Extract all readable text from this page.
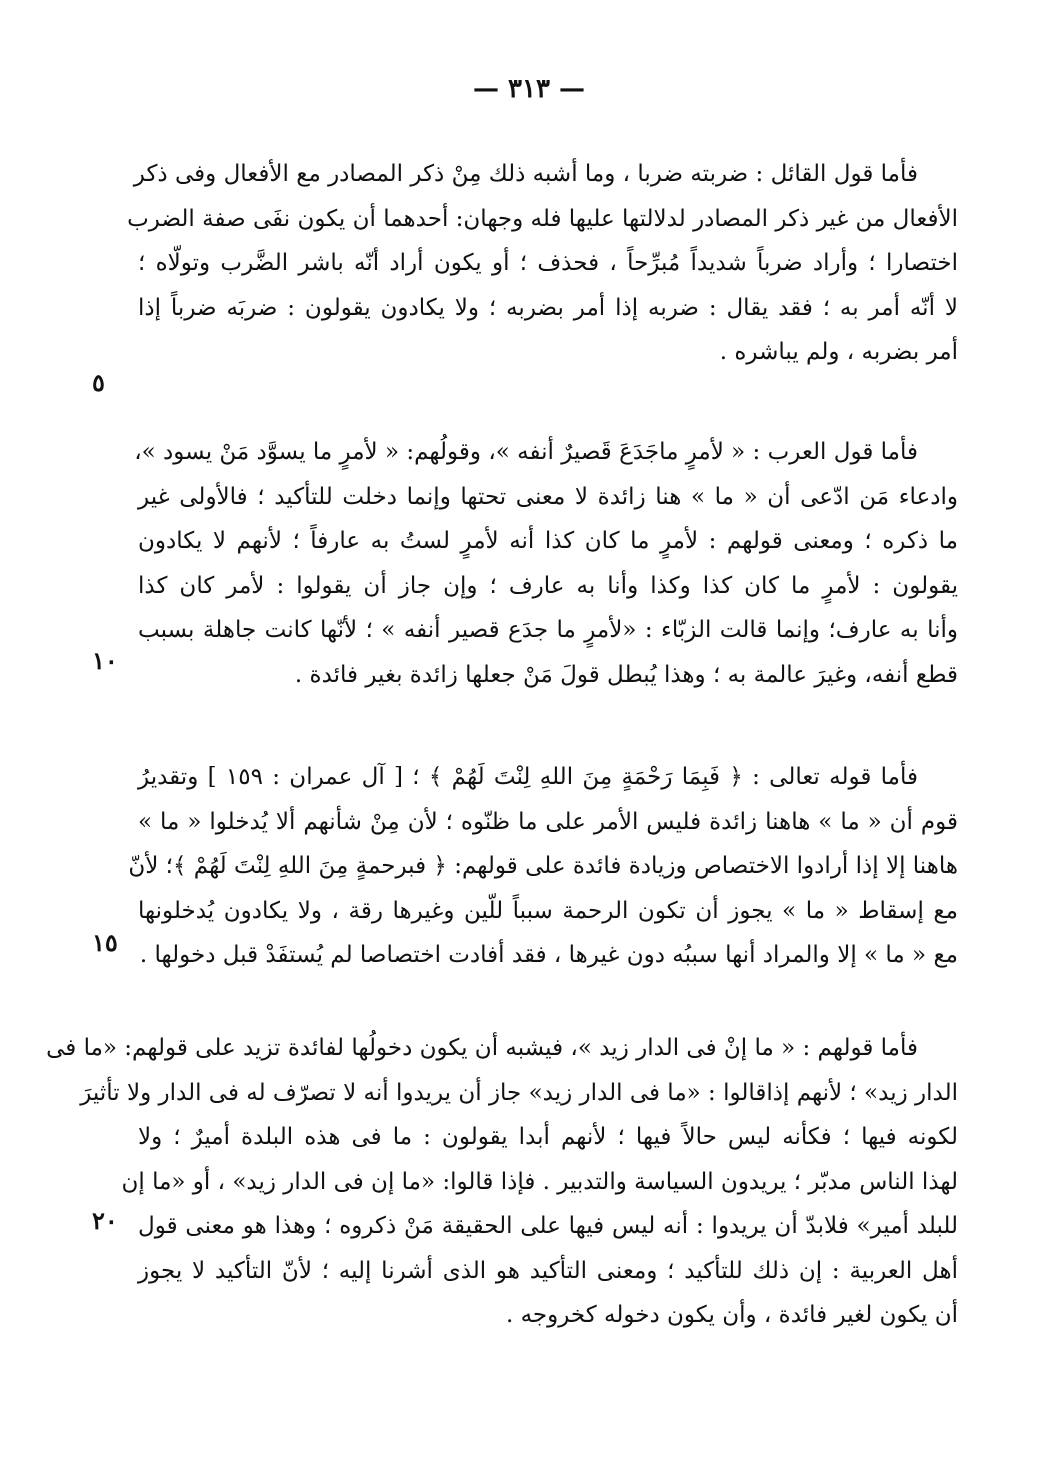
— ٣١٣ —
فأما قول القائل : ضربته ضربا ، وما أشبه ذلك مِنْ ذكر المصادر مع الأفعال وفى ذكر
الأفعال من غير ذكر المصادر لدلالتها عليها فله وجهان: أحدهما أن يكون نفَى صفة الضرب
اختصارا ؛ وأراد ضرباً شديداً مُبرِّحاً ، فحذف ؛ أو يكون أراد أنّه باشر الضَّرب وتولّاه ؛
لا أنّه أمر به ؛ فقد يقال : ضربه إذا أمر بضربه ؛ ولا يكادون يقولون : ضربَه ضرباً إذا
أمر بضربه ، ولم يباشره .
فأما قول العرب : « لأمرٍ ماجَدَعَ قَصيرٌ أنفه »، وقولُهم: « لأمرٍ ما يسوَّد مَنْ يسود »،
وادعاء مَن ادّعى أن « ما » هنا زائدة لا معنى تحتها وإنما دخلت للتأكيد ؛ فالأولى غير
ما ذكره ؛ ومعنى قولهم : لأمرٍ ما كان كذا أنه لأمرٍ لستُ به عارفاً ؛ لأنهم لا يكادون
يقولون : لأمرٍ ما كان كذا وكذا وأنا به عارف ؛ وإن جاز أن يقولوا : لأمر كان كذا
وأنا به عارف؛ وإنما قالت الزبّاء : «لأمرٍ ما جدَع قصير أنفه » ؛ لأنّها كانت جاهلة بسبب
قطع أنفه، وغيرَ عالمة به ؛ وهذا يُبطل قولَ مَنْ جعلها زائدة بغير فائدة .
فأما قوله تعالى : ﴿ فَبِمَا رَحْمَةٍ مِنَ اللهِ لِنْتَ لَهُمْ ﴾ ؛ [ آل عمران : ١٥٩ ] وتقديرُ
قوم أن « ما » هاهنا زائدة فليس الأمر على ما ظنّوه ؛ لأن مِنْ شأنهم ألا يُدخلوا « ما »
هاهنا إلا إذا أرادوا الاختصاص وزيادة فائدة على قولهم: ﴿ فبرحمةٍ مِنَ اللهِ لِنْتَ لَهُمْ ﴾؛ لأنّ
مع إسقاط « ما » يجوز أن تكون الرحمة سبباً للّين وغيرها رقة ، ولا يكادون يُدخلونها
مع « ما » إلا والمراد أنها سببُه دون غيرها ، فقد أفادت اختصاصا لم يُستفَدْ قبل دخولها .
فأما قولهم : « ما إنْ فى الدار زيد »، فيشبه أن يكون دخولُها لفائدة تزيد على قولهم: «ما فى
الدار زيد» ؛ لأنهم إذاقالوا : «ما فى الدار زيد» جاز أن يريدوا أنه لا تصرّف له فى الدار ولا تأثيرَ
لكونه فيها ؛ فكأنه ليس حالاً فيها ؛ لأنهم أبدا يقولون : ما فى هذه البلدة أميرٌ ؛ ولا
لهذا الناس مدبّر ؛ يريدون السياسة والتدبير . فإذا قالوا: «ما إن فى الدار زيد» ، أو «ما إن
للبلد أمير» فلابدّ أن يريدوا : أنه ليس فيها على الحقيقة مَنْ ذكروه ؛ وهذا هو معنى قول
أهل العربية : إن ذلك للتأكيد ؛ ومعنى التأكيد هو الذى أشرنا إليه ؛ لأنّ التأكيد لا يجوز
أن يكون لغير فائدة ، وأن يكون دخوله كخروجه .
٥
١٠
١٥
٢٠
